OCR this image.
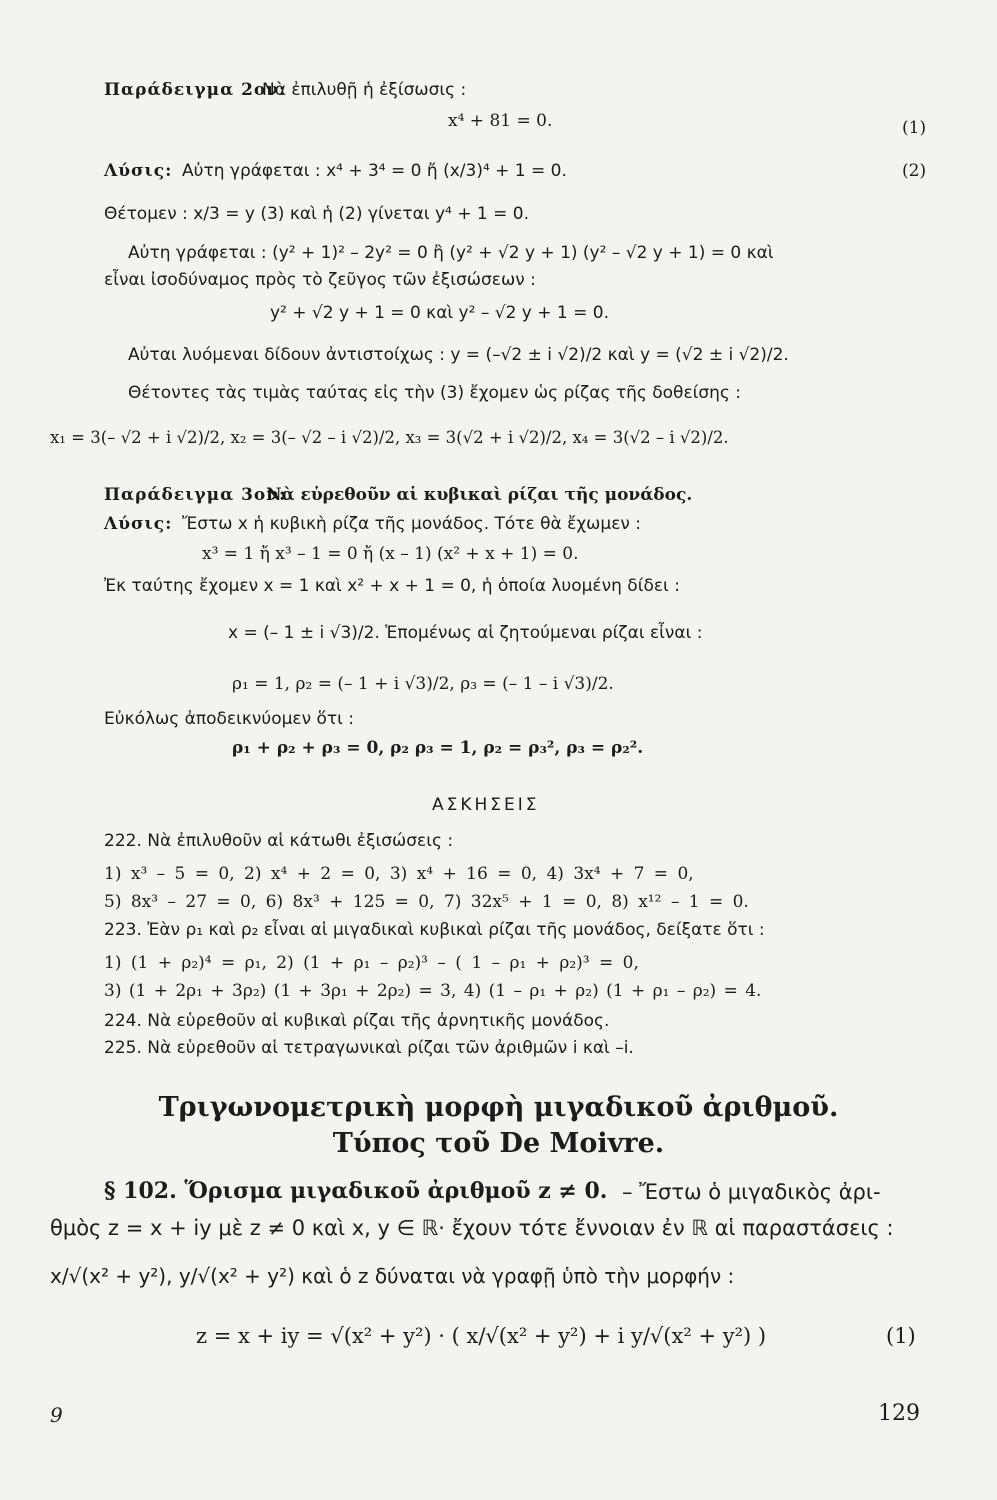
Παράδειγμα 2ον:
Νὰ ἐπιλυθῇ ἡ ἐξίσωσις :
x⁴ + 81 = 0.	(1)
Λύσις: Αὐτη γράφεται : x⁴ + 3⁴ = 0 ἤ (x/3)⁴ + 1 = 0.	(2)
Θέτομεν : x/3 = y (3) καὶ ἡ (2) γίνεται y⁴ + 1 = 0.
Αὐτη γράφεται : (y² + 1)² – 2y² = 0 ἢ (y² + √2 y + 1) (y² – √2 y + 1) = 0 καὶ
εἶναι ἰσοδύναμος πρὸς τὸ ζεῦγος τῶν ἐξισώσεων :
y² + √2 y + 1 = 0 καὶ y² – √2 y + 1 = 0.
Αὐται λυόμεναι δίδουν ἀντιστοίχως : y = (–√2 ± i √2)/2 καὶ y = (√2 ± i √2)/2.
Θέτοντες τὰς τιμὰς ταύτας εἰς τὴν (3) ἔχομεν ὡς ρίζας τῆς δοθείσης :
x₁ = 3(– √2 + i √2)/2, x₂ = 3(– √2 – i √2)/2, x₃ = 3(√2 + i √2)/2, x₄ = 3(√2 – i √2)/2.
Παράδειγμα 3ον:
Νὰ εὑρεθοῦν αἱ κυβικαὶ ρίζαι τῆς μονάδος.
Λύσις: Ἔστω x ἡ κυβικὴ ρίζα τῆς μονάδος. Τότε θὰ ἔχωμεν :
x³ = 1 ἤ x³ – 1 = 0 ἤ (x – 1) (x² + x + 1) = 0.
Ἐκ ταύτης ἔχομεν x = 1 καὶ x² + x + 1 = 0, ἡ ὁποία λυομένη δίδει :
x = (– 1 ± i √3)/2. Ἑπομένως αἱ ζητούμεναι ρίζαι εἶναι :
ρ₁ = 1, ρ₂ = (– 1 + i √3)/2, ρ₃ = (– 1 – i √3)/2.
Εὐκόλως ἀποδεικνύομεν ὅτι :
ρ₁ + ρ₂ + ρ₃ = 0, ρ₂ ρ₃ = 1, ρ₂ = ρ₃², ρ₃ = ρ₂².
ΑΣΚΗΣΕΙΣ
222. Νὰ ἐπιλυθοῦν αἱ κάτωθι ἐξισώσεις :
1) x³ – 5 = 0, 2) x⁴ + 2 = 0, 3) x⁴ + 16 = 0, 4) 3x⁴ + 7 = 0,
5) 8x³ – 27 = 0, 6) 8x³ + 125 = 0, 7) 32x⁵ + 1 = 0, 8) x¹² – 1 = 0.
223. Ἐὰν ρ₁ καὶ ρ₂ εἶναι αἱ μιγαδικαὶ κυβικαὶ ρίζαι τῆς μονάδος, δείξατε ὅτι :
1) (1 + ρ₂)⁴ = ρ₁, 2) (1 + ρ₁ – ρ₂)³ – ( 1 – ρ₁ + ρ₂)³ = 0,
3) (1 + 2ρ₁ + 3ρ₂) (1 + 3ρ₁ + 2ρ₂) = 3, 4) (1 – ρ₁ + ρ₂) (1 + ρ₁ – ρ₂) = 4.
224. Νὰ εὑρεθοῦν αἱ κυβικαὶ ρίζαι τῆς ἀρνητικῆς μονάδος.
225. Νὰ εὑρεθοῦν αἱ τετραγωνικαὶ ρίζαι τῶν ἀριθμῶν i καὶ –i.
Τριγωνομετρικὴ μορφὴ μιγαδικοῦ ἀριθμοῦ.
Τύπος τοῦ De Moivre.
§ 102. Ὅρισμα μιγαδικοῦ ἀριθμοῦ z ≠ 0. – Ἔστω ὁ μιγαδικὸς ἀρι-
θμὸς z = x + iy μὲ z ≠ 0 καὶ x, y ∈ ℝ· ἔχουν τότε ἔννοιαν ἐν ℝ αἱ παραστάσεις :
x/√(x² + y²), y/√(x² + y²) καὶ ὁ z δύναται νὰ γραφῇ ὑπὸ τὴν μορφήν :
z = x + iy = √(x² + y²) · ( x/√(x² + y²) + i y/√(x² + y²) )	(1)
9	129
